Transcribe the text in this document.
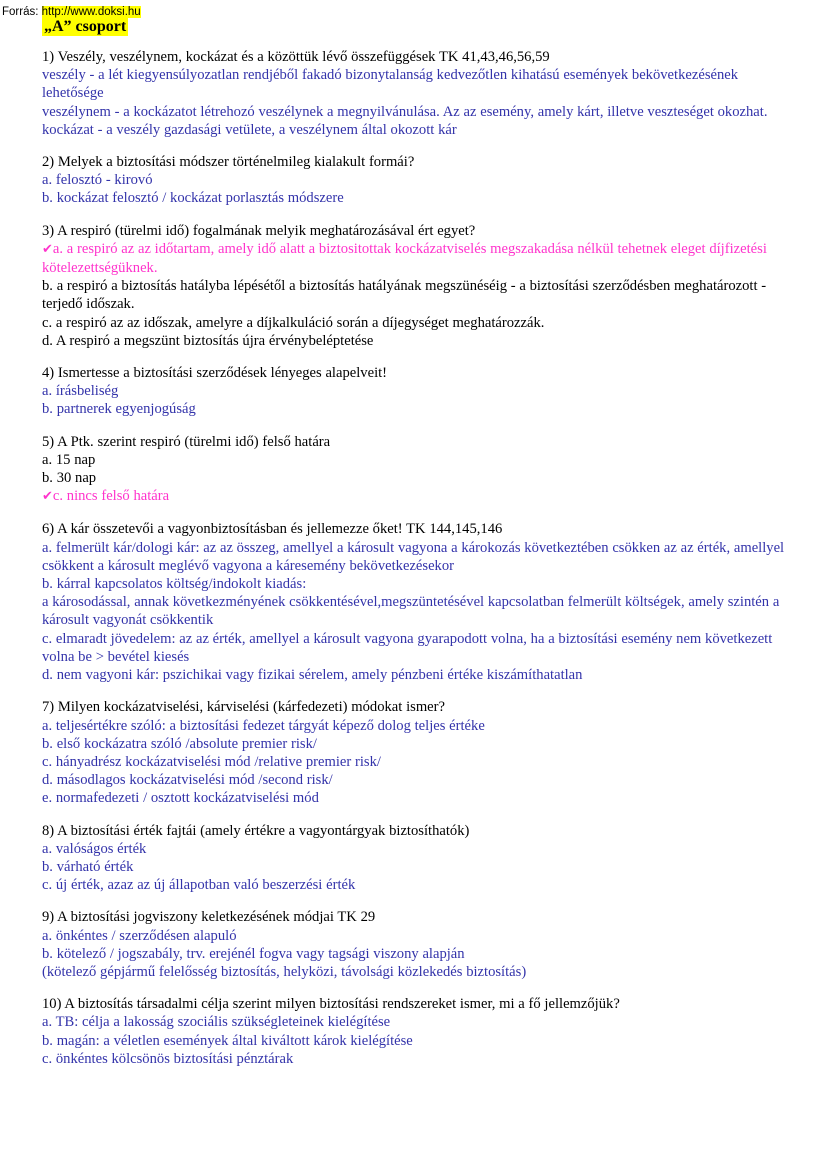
Forrás: http://www.doksi.hu
„A” csoport

1) Veszély, veszélynem, kockázat és a közöttük lévő összefüggések TK 41,43,46,56,59

veszély - a lét kiegyensúlyozatlan rendjéből fakadó bizonytalanság kedvezőtlen kihatású események bekövetkezésének lehetősége

veszélynem - a kockázatot létrehozó veszélynek a megnyilvánulása. Az az esemény, amely kárt, illetve veszteséget okozhat.

kockázat - a veszély gazdasági vetülete, a veszélynem által okozott kár

2) Melyek a biztosítási módszer történelmileg kialakult formái?

a. felosztó - kirovó

b. kockázat felosztó / kockázat porlasztás módszere

3) A respiró (türelmi idő) fogalmának melyik meghatározásával ért egyet?

✔a. a respiró az az időtartam, amely idő alatt a biztositottak kockázatviselés megszakadása nélkül tehetnek eleget díjfizetési kötelezettségüknek.

b. a respiró a biztosítás hatályba lépésétől a biztosítás hatályának megszünéséig - a biztosítási szerződésben meghatározott - terjedő időszak.

c. a respiró az az időszak, amelyre a díjkalkuláció során a díjegységet meghatározzák.

d. A respiró a megszünt biztosítás újra érvénybeléptetése

4) Ismertesse a biztosítási szerződések lényeges alapelveit!

a. írásbeliség

b. partnerek egyenjogúság

5) A Ptk. szerint respiró (türelmi idő) felső határa

a. 15 nap

b. 30 nap

✔c. nincs felső határa

6) A kár összetevői a vagyonbiztosításban és jellemezze őket! TK 144,145,146

a. felmerült kár/dologi kár: az az összeg, amellyel a károsult vagyona a károkozás következtében csökken az az érték, amellyel csökkent a károsult meglévő vagyona a káresemény bekövetkezésekor

b. kárral kapcsolatos költség/indokolt kiadás:

a károsodással, annak következményének csökkentésével,megszüntetésével kapcsolatban felmerült költségek, amely szintén a károsult vagyonát csökkentik

c. elmaradt jövedelem: az az érték, amellyel a károsult vagyona gyarapodott volna, ha a biztosítási esemény nem következett volna be > bevétel kiesés

d. nem vagyoni kár: pszichikai vagy fizikai sérelem, amely pénzbeni értéke kiszámíthatatlan

7) Milyen kockázatviselési, kárviselési (kárfedezeti) módokat ismer?

a. teljesértékre szóló: a biztosítási fedezet tárgyát képező dolog teljes értéke

b. első kockázatra szóló /absolute premier risk/

c. hányadrész kockázatviselési mód /relative premier risk/

d. másodlagos kockázatviselési mód /second risk/

e. normafedezeti / osztott kockázatviselési mód

8) A biztosítási érték fajtái (amely értékre a vagyontárgyak biztosíthatók)

a. valóságos érték

b. várható érték

c. új érték, azaz az új állapotban való beszerzési érték

9) A biztosítási jogviszony keletkezésének módjai TK 29

a. önkéntes / szerződésen alapuló

b. kötelező / jogszabály, trv. erejénél fogva vagy tagsági viszony alapján

(kötelező gépjármű felelősség biztosítás, helyközi, távolsági közlekedés biztosítás)

10) A biztosítás társadalmi célja szerint milyen biztosítási rendszereket ismer, mi a fő jellemzőjük?

a. TB: célja a lakosság szociális szükségleteinek kielégítése

b. magán: a véletlen események által kiváltott károk kielégítése

c. önkéntes kölcsönös biztosítási pénztárak
